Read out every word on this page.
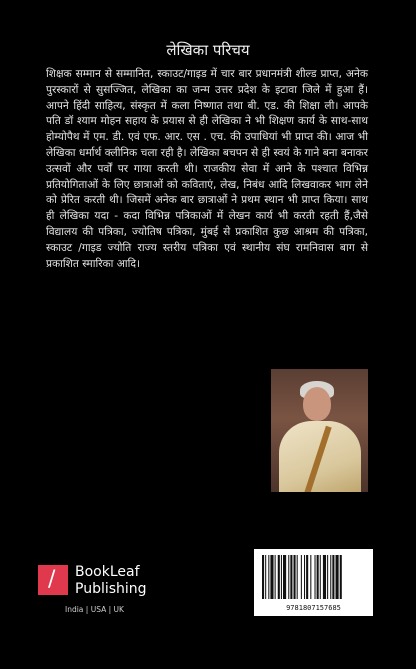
लेखिका परिचय
शिक्षक सम्मान से सम्मानित, स्काउट/गाइड में चार बार प्रधानमंत्री शील्ड प्राप्त, अनेक पुरस्कारों से सुसज्जित, लेखिका का जन्म उत्तर प्रदेश के इटावा जिले में हुआ हैं। आपने हिंदी साहित्य, संस्कृत में कला निष्णात तथा बी. एड. की शिक्षा ली। आपके पति डॉ श्याम मोहन सहाय के प्रयास से ही लेखिका ने भी शिक्षण कार्य के साथ-साथ होम्योपैथ में एम. डी. एवं एफ. आर. एस . एच. की उपाधियां भी प्राप्त की। आज भी लेखिका धर्मार्थ क्लीनिक चला रही है। लेखिका बचपन से ही स्वयं के गाने बना बनाकर उत्सवों और पर्वों पर गाया करती थी। राजकीय सेवा में आने के पश्चात विभिन्न प्रतियोगिताओं के लिए छात्राओं को कविताएं, लेख, निबंध आदि लिखवाकर भाग लेने को प्रेरित करती थी। जिसमें अनेक बार छात्राओं ने प्रथम स्थान भी प्राप्त किया। साथ ही लेखिका यदा - कदा विभिन्न पत्रिकाओं में लेखन कार्य भी करती रहती हैं,जैसे विद्यालय की पत्रिका, ज्योतिष पत्रिका, मुंबई से प्रकाशित कुछ आश्रम की पत्रिका, स्काउट /गाइड ज्योति राज्य स्तरीय पत्रिका एवं स्थानीय संघ रामनिवास बाग से प्रकाशित स्मारिका आदि।
/ BookLeaf
Publishing
India | USA | UK	9781807157685
